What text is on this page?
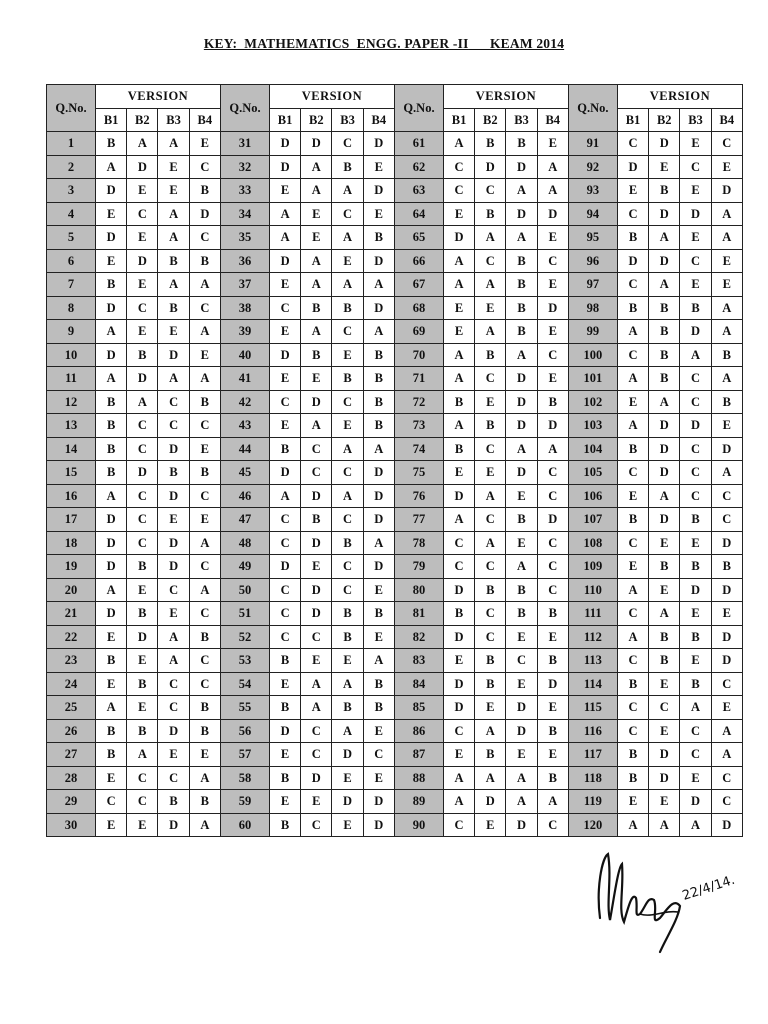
KEY:  MATHEMATICS  ENGG. PAPER -II KEAM 2014
Q.No.	VERSION				Q.No.	VERSION				Q.No.	VERSION				Q.No.	VERSION			
	B1	B2	B3	B4		B1	B2	B3	B4		B1	B2	B3	B4		B1	B2	B3	B4
1	B	A	A	E	31	D	D	C	D	61	A	B	B	E	91	C	D	E	C
2	A	D	E	C	32	D	A	B	E	62	C	D	D	A	92	D	E	C	E
3	D	E	E	B	33	E	A	A	D	63	C	C	A	A	93	E	B	E	D
4	E	C	A	D	34	A	E	C	E	64	E	B	D	D	94	C	D	D	A
5	D	E	A	C	35	A	E	A	B	65	D	A	A	E	95	B	A	E	A
6	E	D	B	B	36	D	A	E	D	66	A	C	B	C	96	D	D	C	E
7	B	E	A	A	37	E	A	A	A	67	A	A	B	E	97	C	A	E	E
8	D	C	B	C	38	C	B	B	D	68	E	E	B	D	98	B	B	B	A
9	A	E	E	A	39	E	A	C	A	69	E	A	B	E	99	A	B	D	A
10	D	B	D	E	40	D	B	E	B	70	A	B	A	C	100	C	B	A	B
11	A	D	A	A	41	E	E	B	B	71	A	C	D	E	101	A	B	C	A
12	B	A	C	B	42	C	D	C	B	72	B	E	D	B	102	E	A	C	B
13	B	C	C	C	43	E	A	E	B	73	A	B	D	D	103	A	D	D	E
14	B	C	D	E	44	B	C	A	A	74	B	C	A	A	104	B	D	C	D
15	B	D	B	B	45	D	C	C	D	75	E	E	D	C	105	C	D	C	A
16	A	C	D	C	46	A	D	A	D	76	D	A	E	C	106	E	A	C	C
17	D	C	E	E	47	C	B	C	D	77	A	C	B	D	107	B	D	B	C
18	D	C	D	A	48	C	D	B	A	78	C	A	E	C	108	C	E	E	D
19	D	B	D	C	49	D	E	C	D	79	C	C	A	C	109	E	B	B	B
20	A	E	C	A	50	C	D	C	E	80	D	B	B	C	110	A	E	D	D
21	D	B	E	C	51	C	D	B	B	81	B	C	B	B	111	C	A	E	E
22	E	D	A	B	52	C	C	B	E	82	D	C	E	E	112	A	B	B	D
23	B	E	A	C	53	B	E	E	A	83	E	B	C	B	113	C	B	E	D
24	E	B	C	C	54	E	A	A	B	84	D	B	E	D	114	B	E	B	C
25	A	E	C	B	55	B	A	B	B	85	D	E	D	E	115	C	C	A	E
26	B	B	D	B	56	D	C	A	E	86	C	A	D	B	116	C	E	C	A
27	B	A	E	E	57	E	C	D	C	87	E	B	E	E	117	B	D	C	A
28	E	C	C	A	58	B	D	E	E	88	A	A	A	B	118	B	D	E	C
29	C	C	B	B	59	E	E	D	D	89	A	D	A	A	119	E	E	D	C
30	E	E	D	A	60	B	C	E	D	90	C	E	D	C	120	A	A	A	D
22/4/14.
